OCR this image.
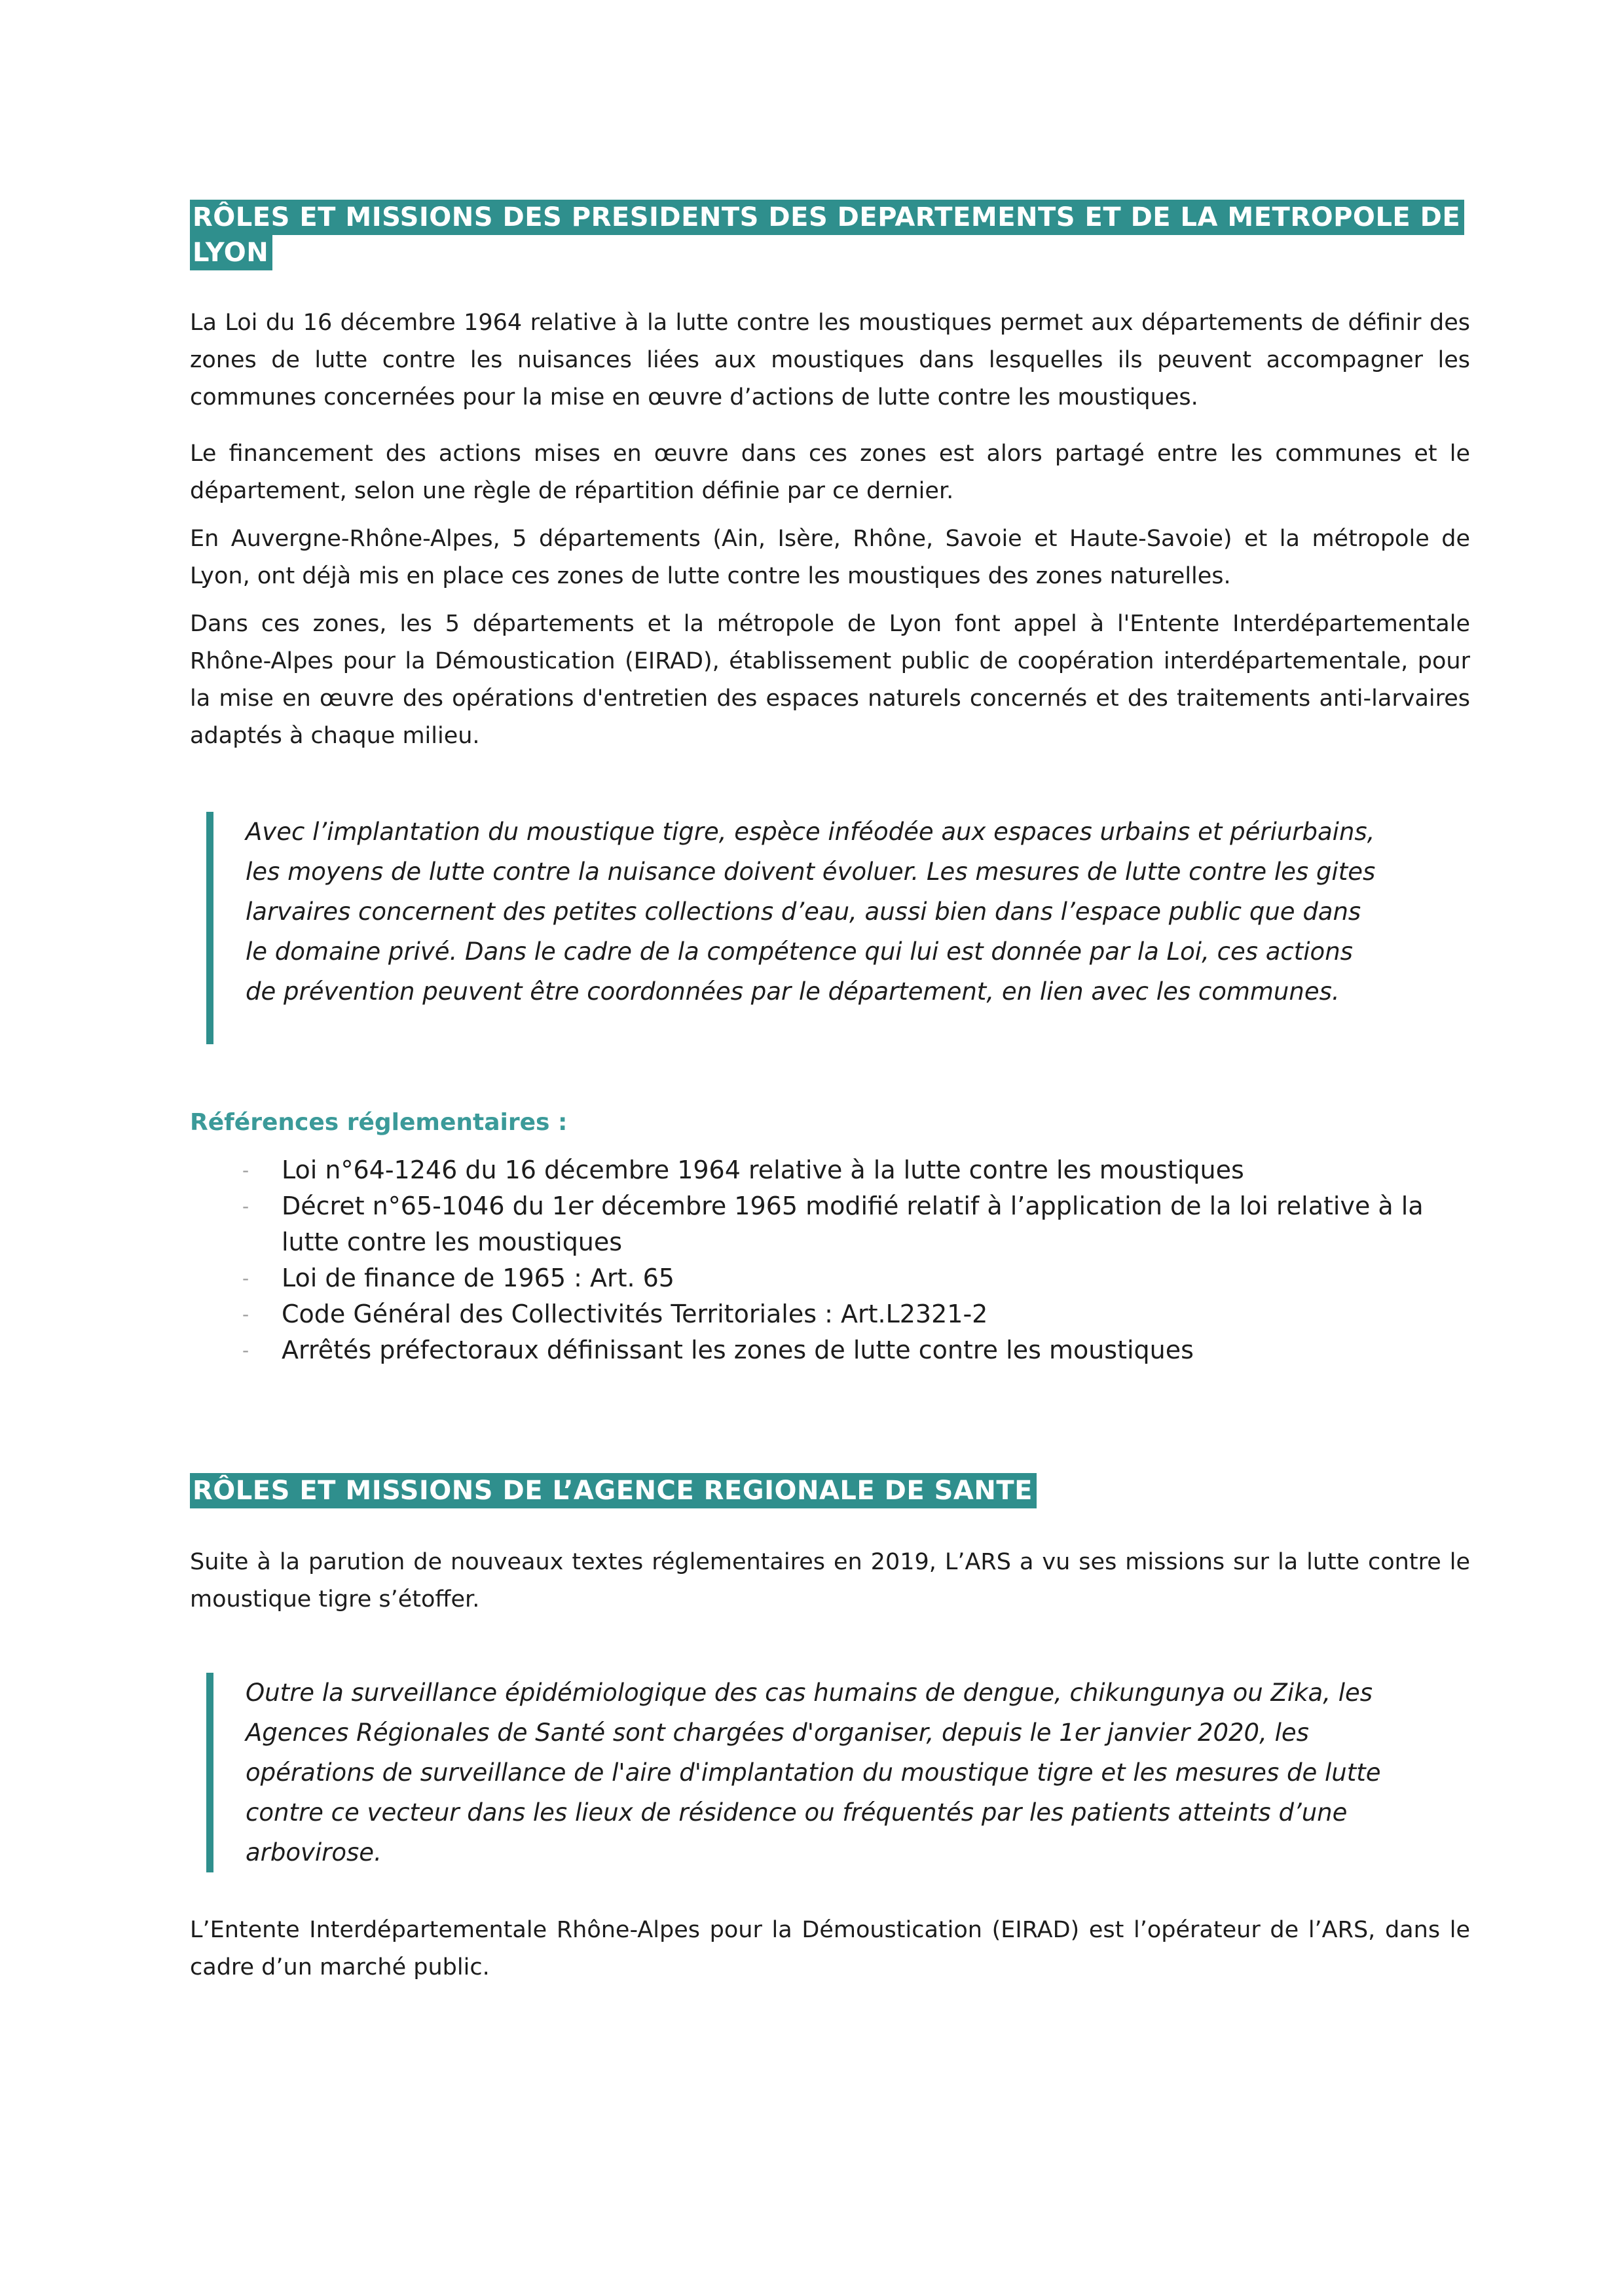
RÔLES ET MISSIONS DES PRESIDENTS DES DEPARTEMENTS ET DE LA METROPOLE DE
LYON

La Loi du 16 décembre 1964 relative à la lutte contre les moustiques permet aux départements de définir des zones de lutte contre les nuisances liées aux moustiques dans lesquelles ils peuvent accompagner les communes concernées pour la mise en œuvre d’actions de lutte contre les moustiques.

Le financement des actions mises en œuvre dans ces zones est alors partagé entre les communes et le département, selon une règle de répartition définie par ce dernier.

En Auvergne-Rhône-Alpes, 5 départements (Ain, Isère, Rhône, Savoie et Haute-Savoie) et la métropole de Lyon, ont déjà mis en place ces zones de lutte contre les moustiques des zones naturelles.

Dans ces zones, les 5 départements et la métropole de Lyon font appel à l'Entente Interdépartementale Rhône-Alpes pour la Démoustication (EIRAD), établissement public de coopération interdépartementale, pour la mise en œuvre des opérations d'entretien des espaces naturels concernés et des traitements anti-larvaires adaptés à chaque milieu.

Avec l’implantation du moustique tigre, espèce inféodée aux espaces urbains et périurbains, les moyens de lutte contre la nuisance doivent évoluer. Les mesures de lutte contre les gites larvaires concernent des petites collections d’eau, aussi bien dans l’espace public que dans le domaine privé. Dans le cadre de la compétence qui lui est donnée par la Loi, ces actions de prévention peuvent être coordonnées par le département, en lien avec les communes.

Références réglementaires :
- Loi n°64-1246 du 16 décembre 1964 relative à la lutte contre les moustiques
- Décret n°65-1046 du 1er décembre 1965 modifié relatif à l’application de la loi relative à la lutte contre les moustiques
- Loi de finance de 1965 : Art. 65
- Code Général des Collectivités Territoriales : Art.L2321-2
- Arrêtés préfectoraux définissant les zones de lutte contre les moustiques
RÔLES ET MISSIONS DE L’AGENCE REGIONALE DE SANTE

Suite à la parution de nouveaux textes réglementaires en 2019, L’ARS a vu ses missions sur la lutte contre le moustique tigre s’étoffer.

Outre la surveillance épidémiologique des cas humains de dengue, chikungunya ou Zika, les Agences Régionales de Santé sont chargées d'organiser, depuis le 1er janvier 2020, les opérations de surveillance de l'aire d'implantation du moustique tigre et les mesures de lutte contre ce vecteur dans les lieux de résidence ou fréquentés par les patients atteints d’une arbovirose.

L’Entente Interdépartementale Rhône-Alpes pour la Démoustication (EIRAD) est l’opérateur de l’ARS, dans le cadre d’un marché public.
